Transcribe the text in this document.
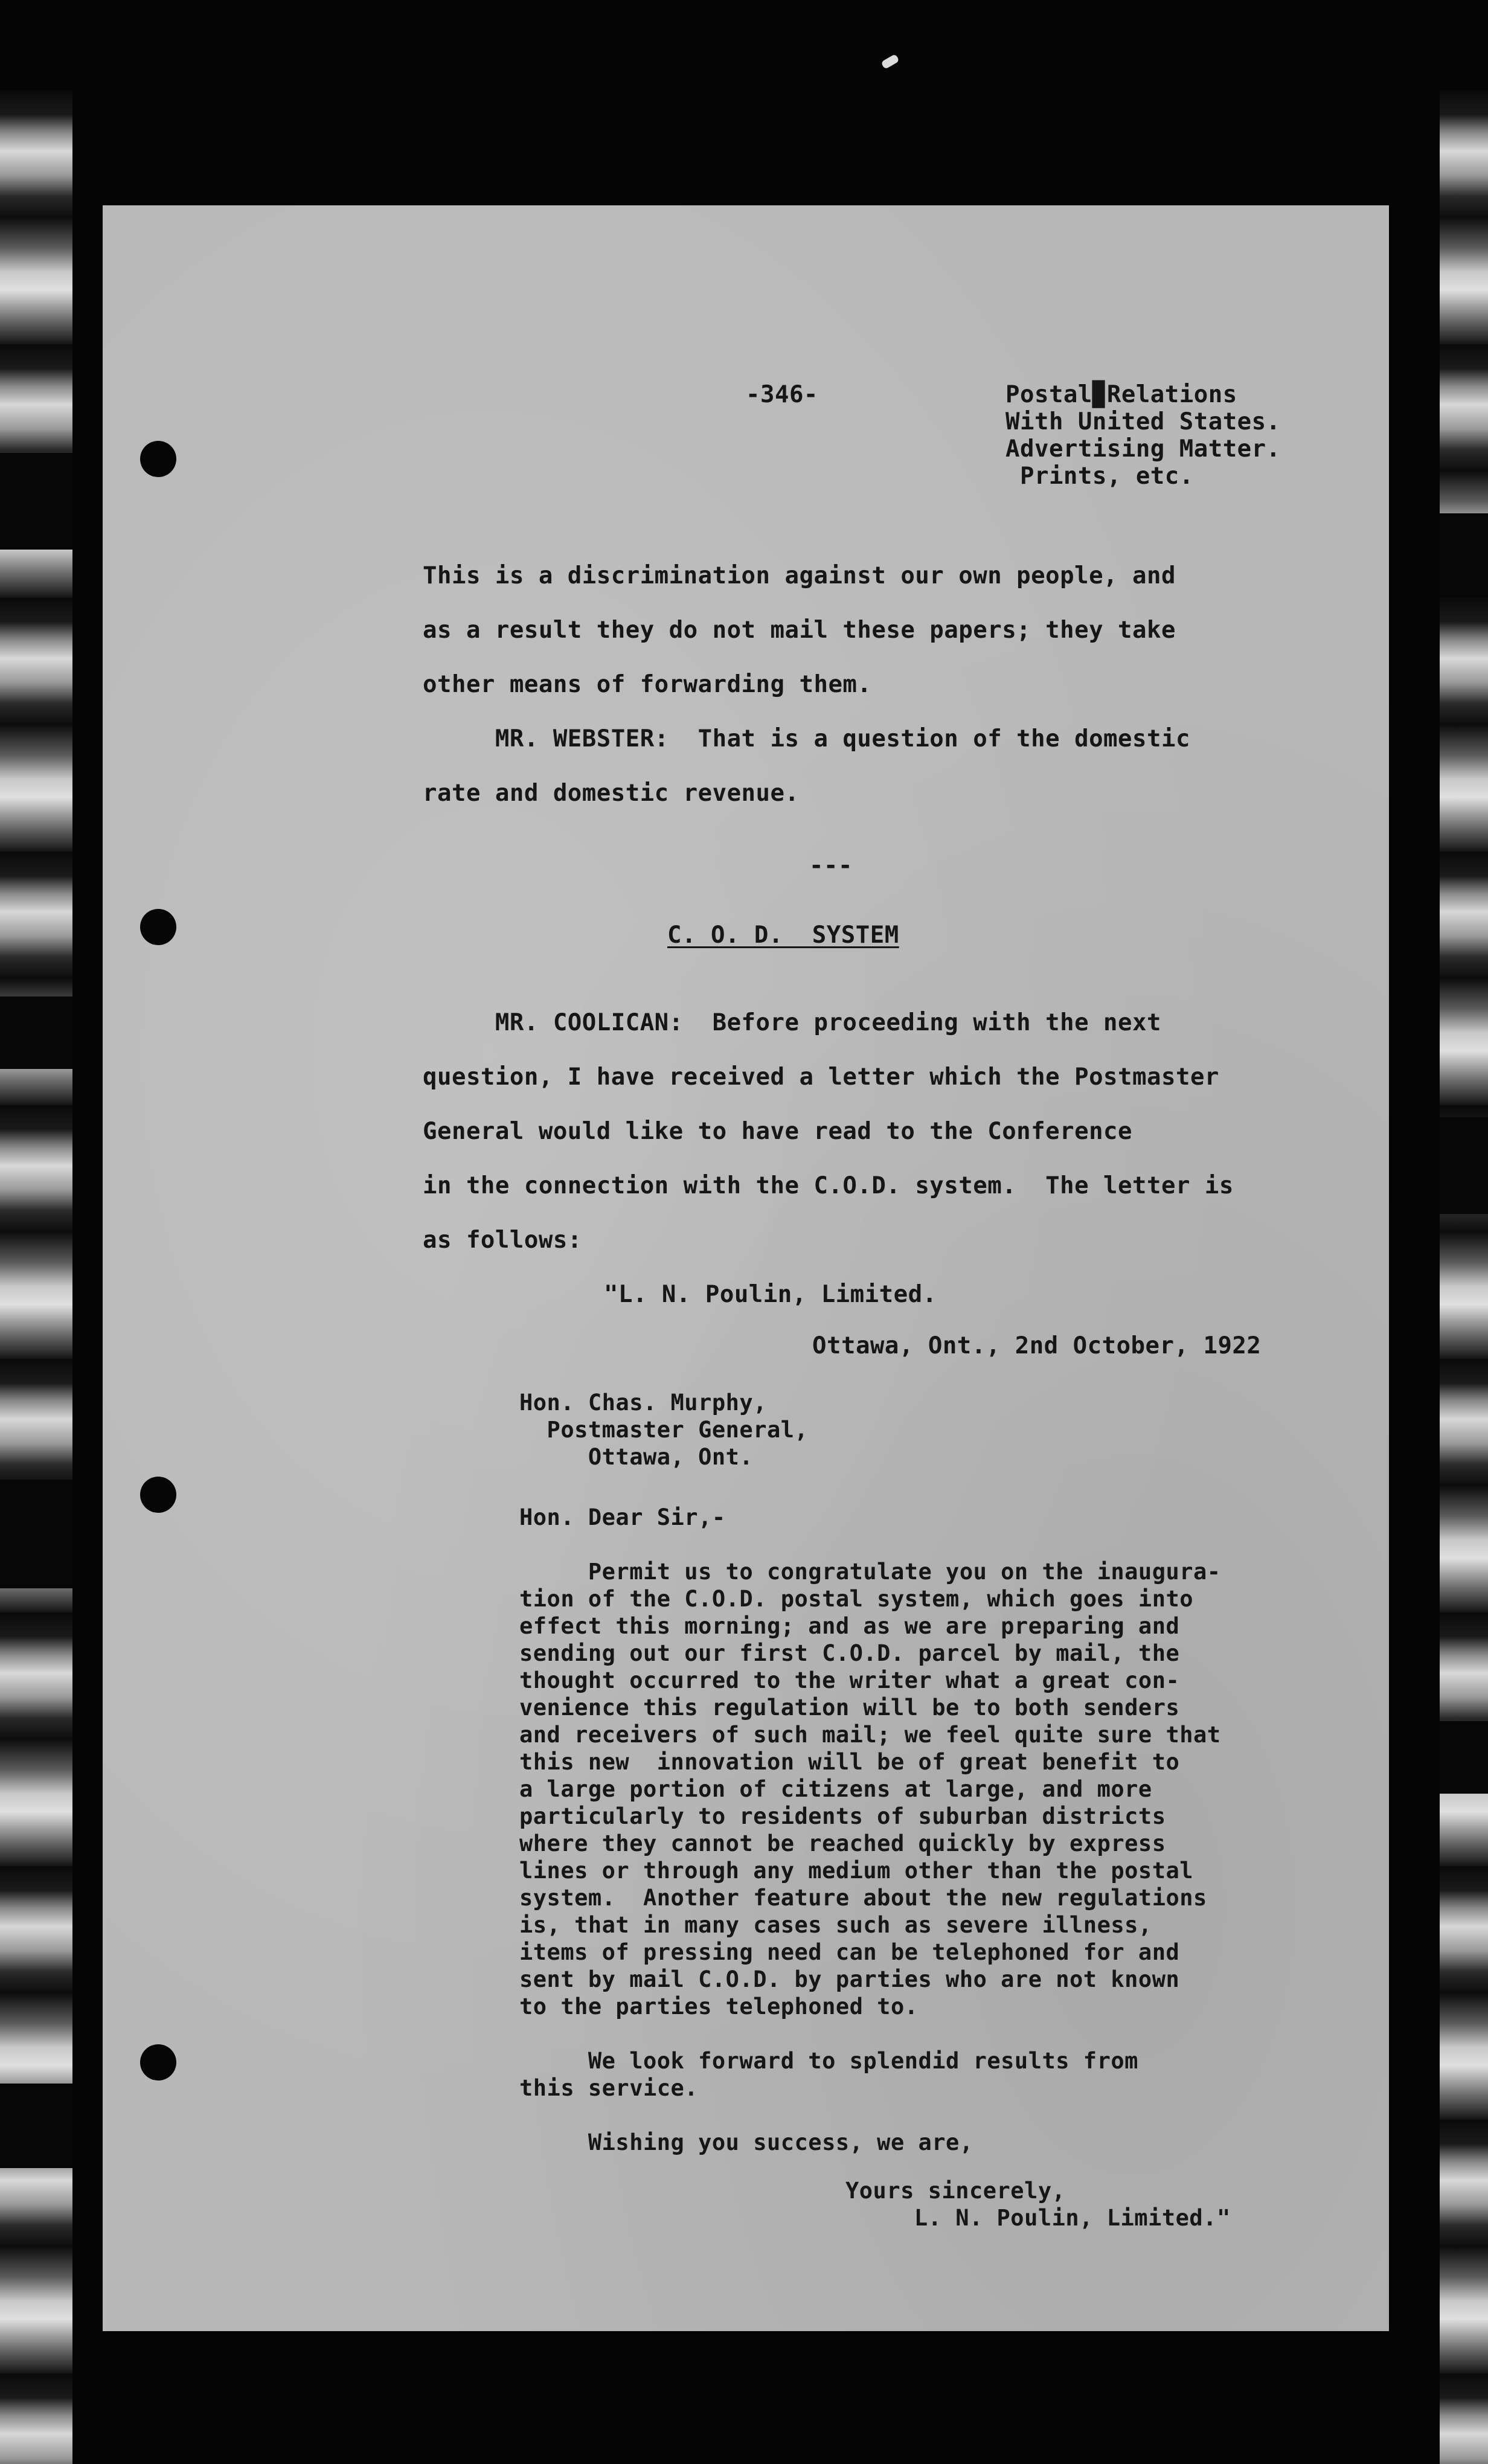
-346-	Postal▉Relations
With United States.
Advertising Matter.
Prints, etc.
This is a discrimination against our own people, and
as a result they do not mail these papers; they take
other means of forwarding them.
MR. WEBSTER:  That is a question of the domestic
rate and domestic revenue.
---
C. O. D.  SYSTEM
MR. COOLICAN:  Before proceeding with the next
question, I have received a letter which the Postmaster
General would like to have read to the Conference
in the connection with the C.O.D. system.  The letter is
as follows:
"L. N. Poulin, Limited.
Ottawa, Ont., 2nd October, 1922
Hon. Chas. Murphy,
Postmaster General,
Ottawa, Ont.
Hon. Dear Sir,-
Permit us to congratulate you on the inaugura-
tion of the C.O.D. postal system, which goes into
effect this morning; and as we are preparing and
sending out our first C.O.D. parcel by mail, the
thought occurred to the writer what a great con-
venience this regulation will be to both senders
and receivers of such mail; we feel quite sure that
this new  innovation will be of great benefit to
a large portion of citizens at large, and more
particularly to residents of suburban districts
where they cannot be reached quickly by express
lines or through any medium other than the postal
system.  Another feature about the new regulations
is, that in many cases such as severe illness,
items of pressing need can be telephoned for and
sent by mail C.O.D. by parties who are not known
to the parties telephoned to.
We look forward to splendid results from
this service.
Wishing you success, we are,
Yours sincerely,
L. N. Poulin, Limited."
